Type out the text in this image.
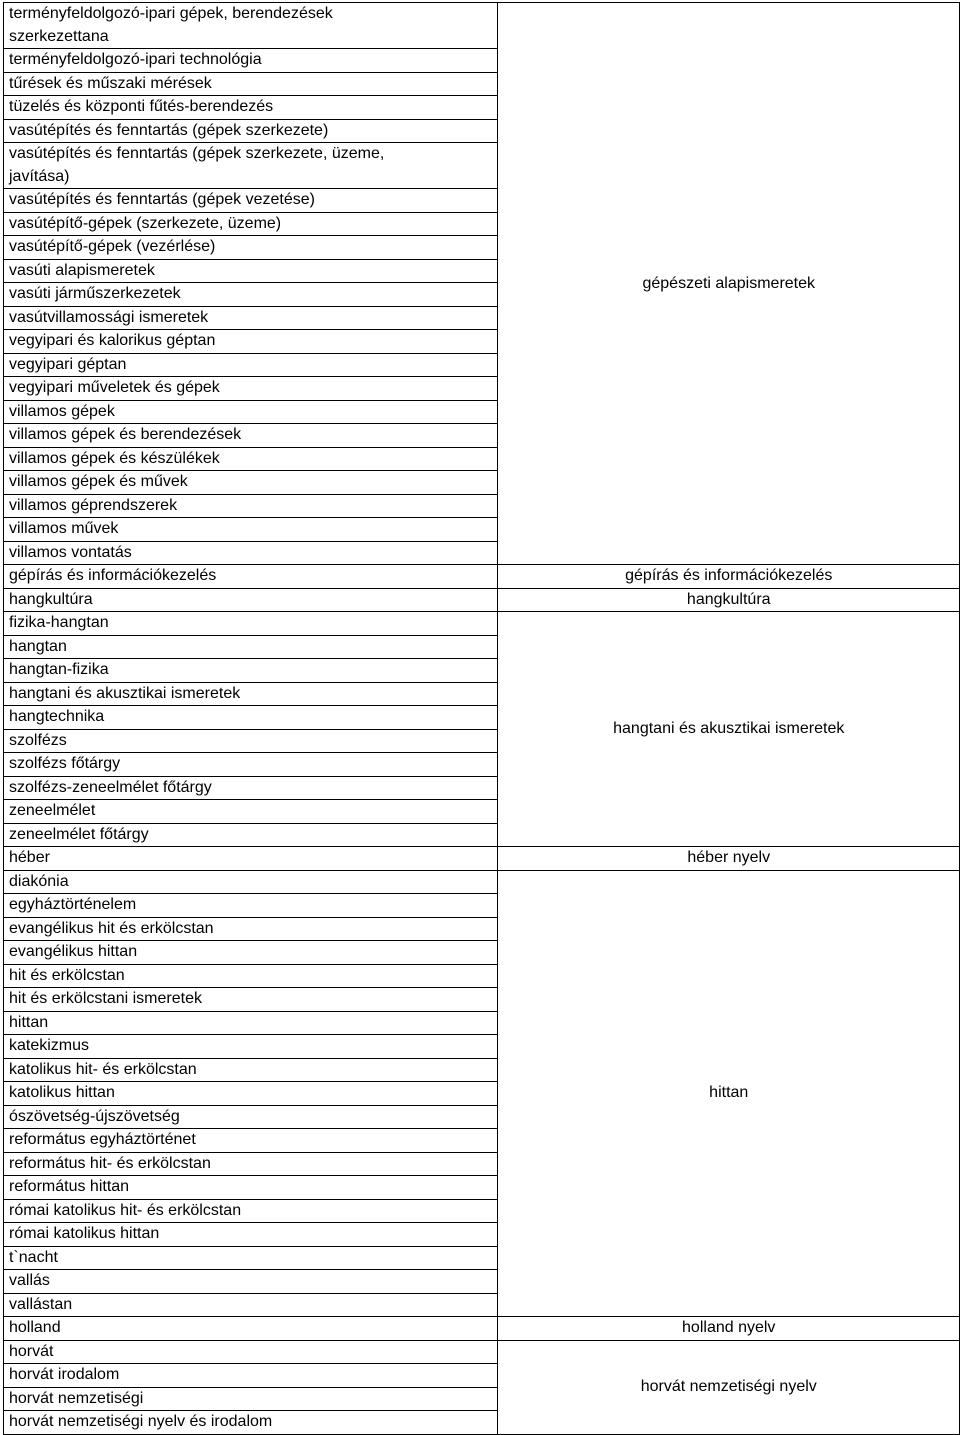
terményfeldolgozó-ipari gépek, berendezések
szerkezettana	gépészeti alapismeretek

terményfeldolgozó-ipari technológia	

tűrések és műszaki mérések	

tüzelés és központi fűtés-berendezés	

vasútépítés és fenntartás (gépek szerkezete)	

vasútépítés és fenntartás (gépek szerkezete, üzeme,
javítása)	

vasútépítés és fenntartás (gépek vezetése)	

vasútépítő-gépek (szerkezete, üzeme)	

vasútépítő-gépek (vezérlése)	

vasúti alapismeretek	

vasúti járműszerkezetek	

vasútvillamossági ismeretek	

vegyipari és kalorikus géptan	

vegyipari géptan	

vegyipari műveletek és gépek	

villamos gépek	

villamos gépek és berendezések	

villamos gépek és készülékek	

villamos gépek és művek	

villamos géprendszerek	

villamos művek	

villamos vontatás	

gépírás és információkezelés	gépírás és információkezelés

hangkultúra	hangkultúra

fizika-hangtan	hangtani és akusztikai ismeretek

hangtan	

hangtan-fizika	

hangtani és akusztikai ismeretek	

hangtechnika	

szolfézs	

szolfézs főtárgy	

szolfézs-zeneelmélet főtárgy	

zeneelmélet	

zeneelmélet főtárgy	

héber	héber nyelv

diakónia	hittan

egyháztörténelem	

evangélikus hit és erkölcstan	

evangélikus hittan	

hit és erkölcstan	

hit és erkölcstani ismeretek	

hittan	

katekizmus	

katolikus hit- és erkölcstan	

katolikus hittan	

ószövetség-újszövetség	

református egyháztörténet	

református hit- és erkölcstan	

református hittan	

római katolikus hit- és erkölcstan	

római katolikus hittan	

t`nacht	

vallás	

vallástan	

holland	holland nyelv

horvát	horvát nemzetiségi nyelv

horvát irodalom	

horvát nemzetiségi	

horvát nemzetiségi nyelv és irodalom	
